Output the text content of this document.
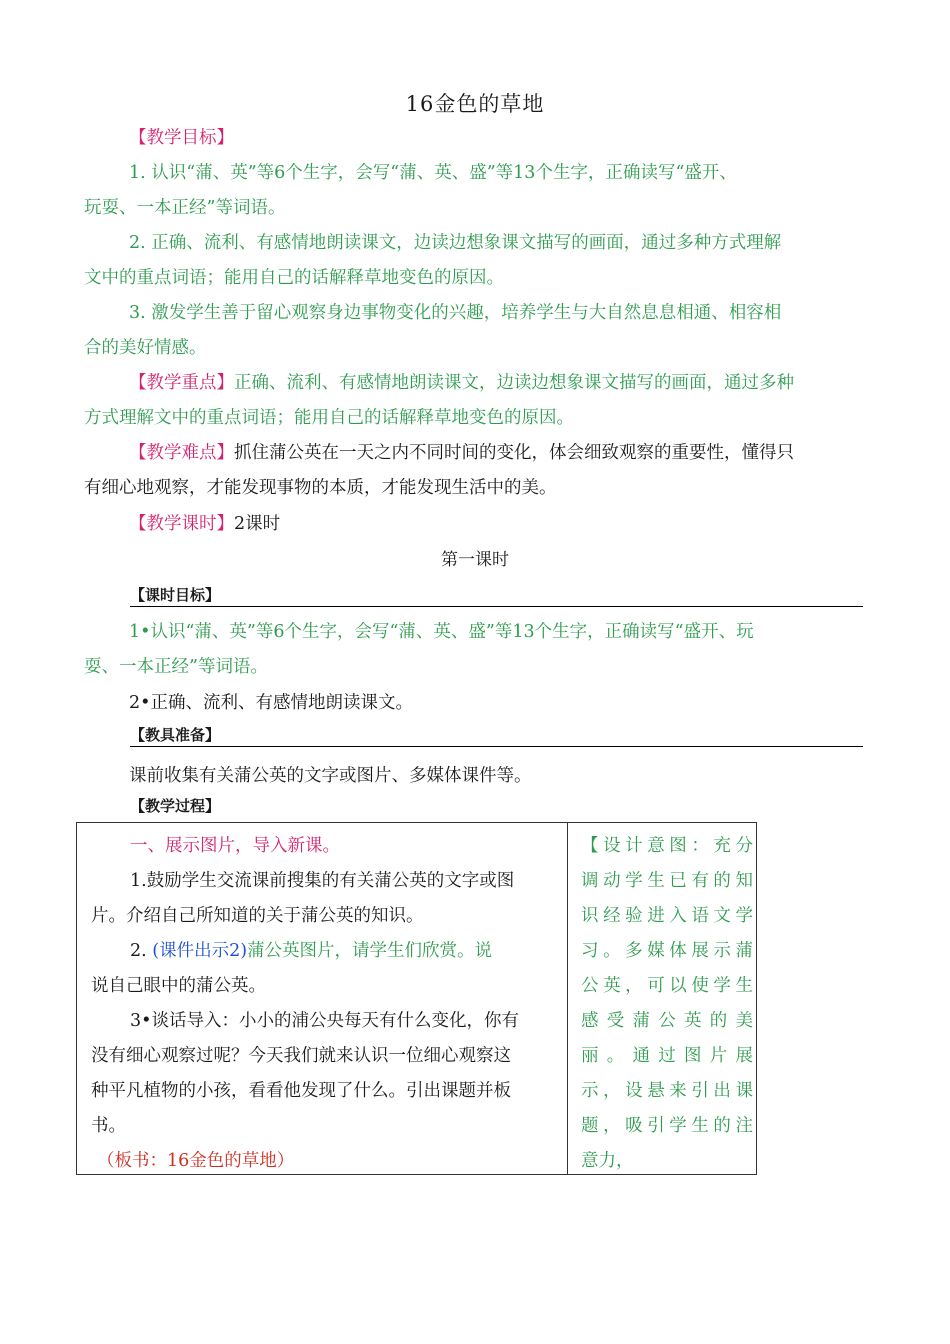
16金色的草地
【教学目标】
1. 认识“蒲、英”等6个生字，会写“蒲、英、盛”等13个生字，正确读写“盛开、
玩耍、一本正经”等词语。
2. 正确、流利、有感情地朗读课文，边读边想象课文描写的画面，通过多种方式理解
文中的重点词语；能用自己的话解释草地变色的原因。
3. 激发学生善于留心观察身边事物变化的兴趣，培养学生与大自然息息相通、相容相
合的美好情感。
【教学重点】正确、流利、有感情地朗读课文，边读边想象课文描写的画面，通过多种
方式理解文中的重点词语；能用自己的话解释草地变色的原因。
【教学难点】抓住蒲公英在一天之内不同时间的变化，体会细致观察的重要性，懂得只
有细心地观察，才能发现事物的本质，才能发现生活中的美。
【教学课时】2课时
第一课时
【课时目标】
1•认识“蒲、英”等6个生字，会写“蒲、英、盛”等13个生字，正确读写“盛开、玩
耍、一本正经”等词语。
2•正确、流利、有感情地朗读课文。
【教具准备】
课前收集有关蒲公英的文字或图片、多媒体课件等。
【教学过程】
一、展示图片，导入新课。
1.鼓励学生交流课前搜集的有关蒲公英的文字或图
片。介绍自己所知道的关于蒲公英的知识。
2. (课件出示2)蒲公英图片，请学生们欣赏。说
说自己眼中的蒲公英。
3•谈话导入：小小的浦公央每天有什么变化，你有
没有细心观察过呢？今天我们就来认识一位细心观察这
种平凡植物的小孩，看看他发现了什么。引出课题并板
书。
（板书：16金色的草地）
【设计意图：充分
调动学生已有的知
识经验进入语文学
习。多媒体展示蒲
公英，可以使学生
感受蒲公英的美
丽。通过图片展
示，设悬来引出课
题，吸引学生的注
意力，
